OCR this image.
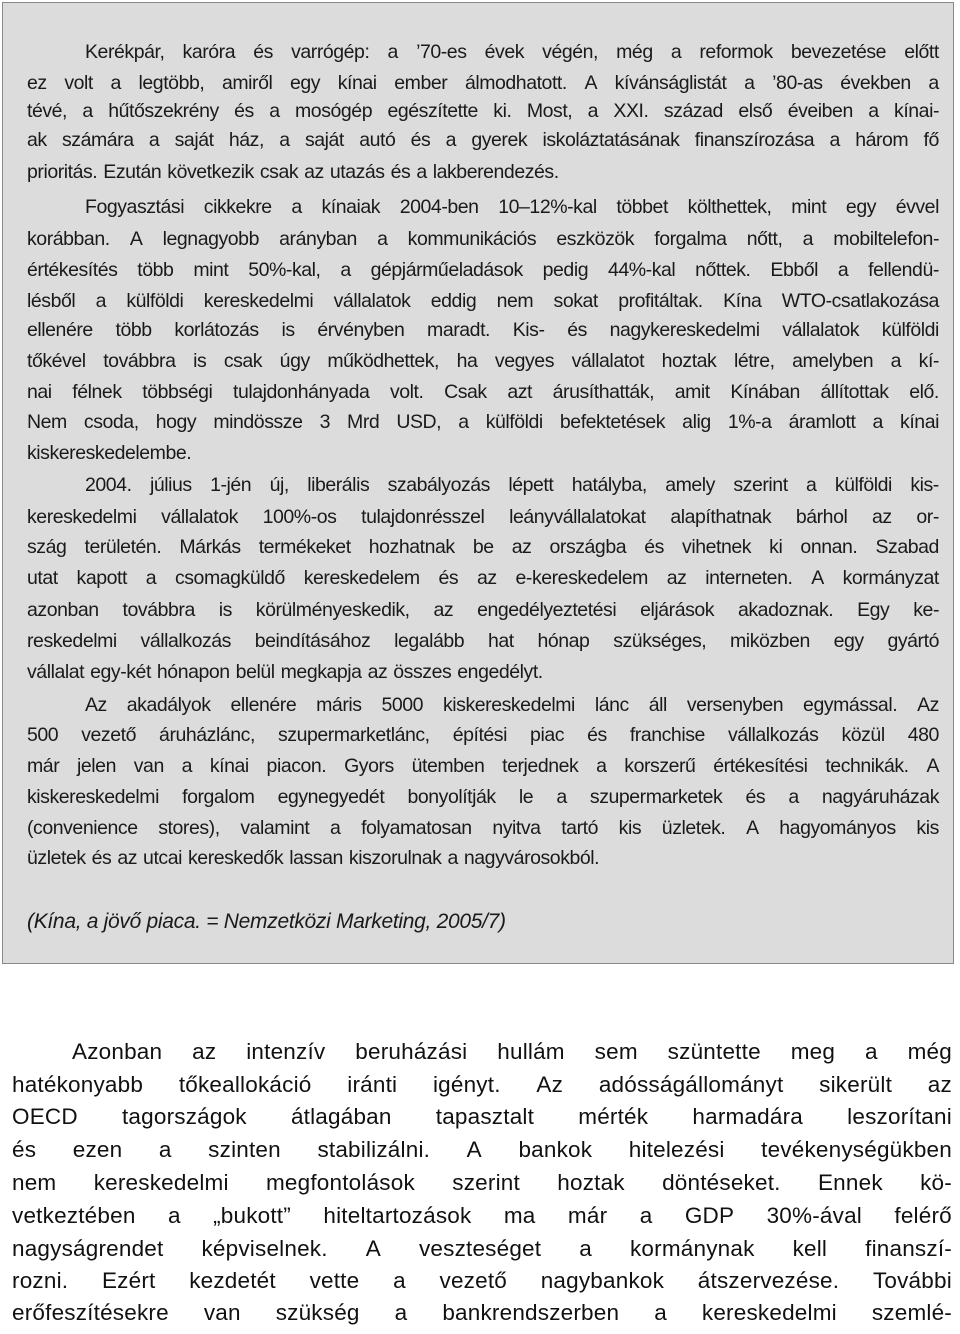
(Kína, a jövő piaca. = Nemzetközi Marketing, 2005/7)
Kerékpár, karóra és varrógép: a ’70-es évek végén, még a reformok bevezetése előtt
ez volt a legtöbb, amiről egy kínai ember álmodhatott. A kívánságlistát a ’80-as években a
tévé, a hűtőszekrény és a mosógép egészítette ki. Most, a XXI. század első éveiben a kínai-
ak számára a saját ház, a saját autó és a gyerek iskoláztatásának finanszírozása a három fő
prioritás. Ezután következik csak az utazás és a lakberendezés.
Fogyasztási cikkekre a kínaiak 2004-ben 10–12%-kal többet költhettek, mint egy évvel
korábban. A legnagyobb arányban a kommunikációs eszközök forgalma nőtt, a mobiltelefon-
értékesítés több mint 50%-kal, a gépjárműeladások pedig 44%-kal nőttek. Ebből a fellendü-
lésből a külföldi kereskedelmi vállalatok eddig nem sokat profitáltak. Kína WTO-csatlakozása
ellenére több korlátozás is érvényben maradt. Kis- és nagykereskedelmi vállalatok külföldi
tőkével továbbra is csak úgy működhettek, ha vegyes vállalatot hoztak létre, amelyben a kí-
nai félnek többségi tulajdonhányada volt. Csak azt árusíthatták, amit Kínában állítottak elő.
Nem csoda, hogy mindössze 3 Mrd USD, a külföldi befektetések alig 1%-a áramlott a kínai
kiskereskedelembe.
2004. július 1-jén új, liberális szabályozás lépett hatályba, amely szerint a külföldi kis-
kereskedelmi vállalatok 100%-os tulajdonrésszel leányvállalatokat alapíthatnak bárhol az or-
szág területén. Márkás termékeket hozhatnak be az országba és vihetnek ki onnan. Szabad
utat kapott a csomagküldő kereskedelem és az e-kereskedelem az interneten. A kormányzat
azonban továbbra is körülményeskedik, az engedélyeztetési eljárások akadoznak. Egy ke-
reskedelmi vállalkozás beindításához legalább hat hónap szükséges, miközben egy gyártó
vállalat egy-két hónapon belül megkapja az összes engedélyt.
Az akadályok ellenére máris 5000 kiskereskedelmi lánc áll versenyben egymással. Az
500 vezető áruházlánc, szupermarketlánc, építési piac és franchise vállalkozás közül 480
már jelen van a kínai piacon. Gyors ütemben terjednek a korszerű értékesítési technikák. A
kiskereskedelmi forgalom egynegyedét bonyolítják le a szupermarketek és a nagyáruházak
(convenience stores), valamint a folyamatosan nyitva tartó kis üzletek. A hagyományos kis
üzletek és az utcai kereskedők lassan kiszorulnak a nagyvárosokból.
Azonban az intenzív beruházási hullám sem szüntette meg a még
hatékonyabb tőkeallokáció iránti igényt. Az adósságállományt sikerült az
OECD tagországok átlagában tapasztalt mérték harmadára leszorítani
és ezen a szinten stabilizálni. A bankok hitelezési tevékenységükben
nem kereskedelmi megfontolások szerint hoztak döntéseket. Ennek kö-
vetkeztében a „bukott” hiteltartozások ma már a GDP 30%-ával felérő
nagyságrendet képviselnek. A veszteséget a kormánynak kell finanszí-
rozni. Ezért kezdetét vette a vezető nagybankok átszervezése. További
erőfeszítésekre van szükség a bankrendszerben a kereskedelmi szemlé-
